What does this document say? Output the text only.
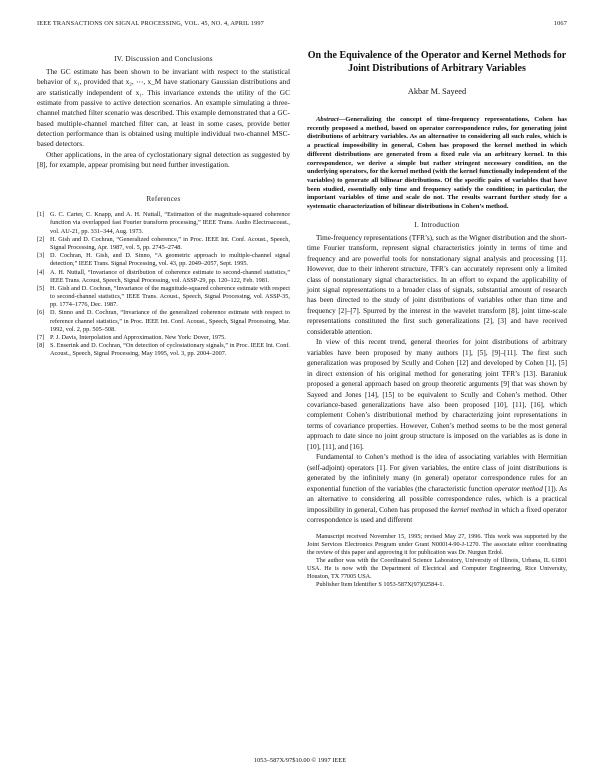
IEEE TRANSACTIONS ON SIGNAL PROCESSING, VOL. 45, NO. 4, APRIL 1997	1067
IV. Discussion and Conclusions

The GC estimate has been shown to be invariant with respect to the statistical behavior of x₁, provided that x₂, ⋯, x_M have stationary Gaussian distributions and are statistically independent of x₁. This invariance extends the utility of the GC estimate from passive to active detection scenarios. An example simulating a three-channel matched filter scenario was described. This example demonstrated that a GC-based multiple-channel matched filter can, at least in some cases, provide better detection performance than is obtained using multiple individual two-channel MSC-based detectors.

Other applications, in the area of cyclostationary signal detection as suggested by [8], for example, appear promising but need further investigation.

References
[1] G. C. Carter, C. Knapp, and A. H. Nuttall, “Estimation of the magnitude-squared coherence function via overlapped fast Fourier transform processing,” IEEE Trans. Audio Electroacoust., vol. AU-21, pp. 331–344, Aug. 1973.
[2] H. Gish and D. Cochran, “Generalized coherence,” in Proc. IEEE Int. Conf. Acoust., Speech, Signal Processing, Apr. 1987, vol. 5, pp. 2745–2748.
[3] D. Cochran, H. Gish, and D. Sinno, “A geometric approach to multiple-channel signal detection,” IEEE Trans. Signal Processing, vol. 43, pp. 2049–2057, Sept. 1995.
[4] A. H. Nuttall, “Invariance of distribution of coherence estimate to second-channel statistics,” IEEE Trans. Acoust, Speech, Signal Processing, vol. ASSP-29, pp. 120–122, Feb. 1981.
[5] H. Gish and D. Cochran, “Invariance of the magnitude-squared coherence estimate with respect to second-channel statistics,” IEEE Trans. Acoust., Speech, Signal Processing, vol. ASSP-35, pp. 1774–1776, Dec. 1987.
[6] D. Sinno and D. Cochran, “Invariance of the generalized coherence estimate with respect to reference channel statistics,” in Proc. IEEE Int. Conf. Acoust., Speech, Signal Processing, Mar. 1992, vol. 2, pp. 505–508.
[7] P. J. Davis, Interpolation and Approximation. New York: Dover, 1975.
[8] S. Enserink and D. Cochran, “On detection of cyclostationary signals,” in Proc. IEEE Int. Conf. Acoust., Speech, Signal Processing, May 1995, vol. 3, pp. 2004–2007.
On the Equivalence of the Operator and Kernel Methods for Joint Distributions of Arbitrary Variables
Akbar M. Sayeed

Abstract—Generalizing the concept of time-frequency representations, Cohen has recently proposed a method, based on operator correspondence rules, for generating joint distributions of arbitrary variables. As an alternative to considering all such rules, which is a practical impossibility in general, Cohen has proposed the kernel method in which different distributions are generated from a fixed rule via an arbitrary kernel. In this correspondence, we derive a simple but rather stringent necessary condition, on the underlying operators, for the kernel method (with the kernel functionally independent of the variables) to generate all bilinear distributions. Of the specific pairs of variables that have been studied, essentially only time and frequency satisfy the condition; in particular, the important variables of time and scale do not. The results warrant further study for a systematic characterization of bilinear distributions in Cohen’s method.

I. Introduction

Time-frequency representations (TFR’s), such as the Wigner distribution and the short-time Fourier transform, represent signal characteristics jointly in terms of time and frequency and are powerful tools for nonstationary signal analysis and processing [1]. However, due to their inherent structure, TFR’s can accurately represent only a limited class of nonstationary signal characteristics. In an effort to expand the applicability of joint signal representations to a broader class of signals, substantial amount of research has been directed to the study of joint distributions of variables other than time and frequency [2]–[7]. Spurred by the interest in the wavelet transform [8], joint time-scale representations constituted the first such generalizations [2], [3] and have received considerable attention.

In view of this recent trend, general theories for joint distributions of arbitrary variables have been proposed by many authors [1], [5], [9]–[11]. The first such generalization was proposed by Scully and Cohen [12] and developed by Cohen [1], [5] in direct extension of his original method for generating joint TFR’s [13]. Baraniuk proposed a general approach based on group theoretic arguments [9] that was shown by Sayeed and Jones [14], [15] to be equivalent to Scully and Cohen’s method. Other covariance-based generalizations have also been proposed [10], [11], [16], which complement Cohen’s distributional method by characterizing joint representations in terms of covariance properties. However, Cohen’s method seems to be the most general approach to date since no joint group structure is imposed on the variables as is done in [10], [11], and [16].

Fundamental to Cohen’s method is the idea of associating variables with Hermitian (self-adjoint) operators [1]. For given variables, the entire class of joint distributions is generated by the infinitely many (in general) operator correspondence rules for an exponential function of the variables (the characteristic function operator method [1]). As an alternative to considering all possible correspondence rules, which is a practical impossibility in general, Cohen has proposed the kernel method in which a fixed operator correspondence is used and different

Manuscript received November 15, 1995; revised May 27, 1996. This work was supported by the Joint Services Electronics Program under Grant N00014-90-J-1270. The associate editor coordinating the review of this paper and approving it for publication was Dr. Nurgun Erdol.

The author was with the Coordinated Science Laboratory, University of Illinois, Urbana, IL 61801 USA. He is now with the Department of Electrical and Computer Engineering, Rice University, Houston, TX 77005 USA.

Publisher Item Identifier S 1053-587X(97)02584-1.

1053–587X/97$10.00 © 1997 IEEE
